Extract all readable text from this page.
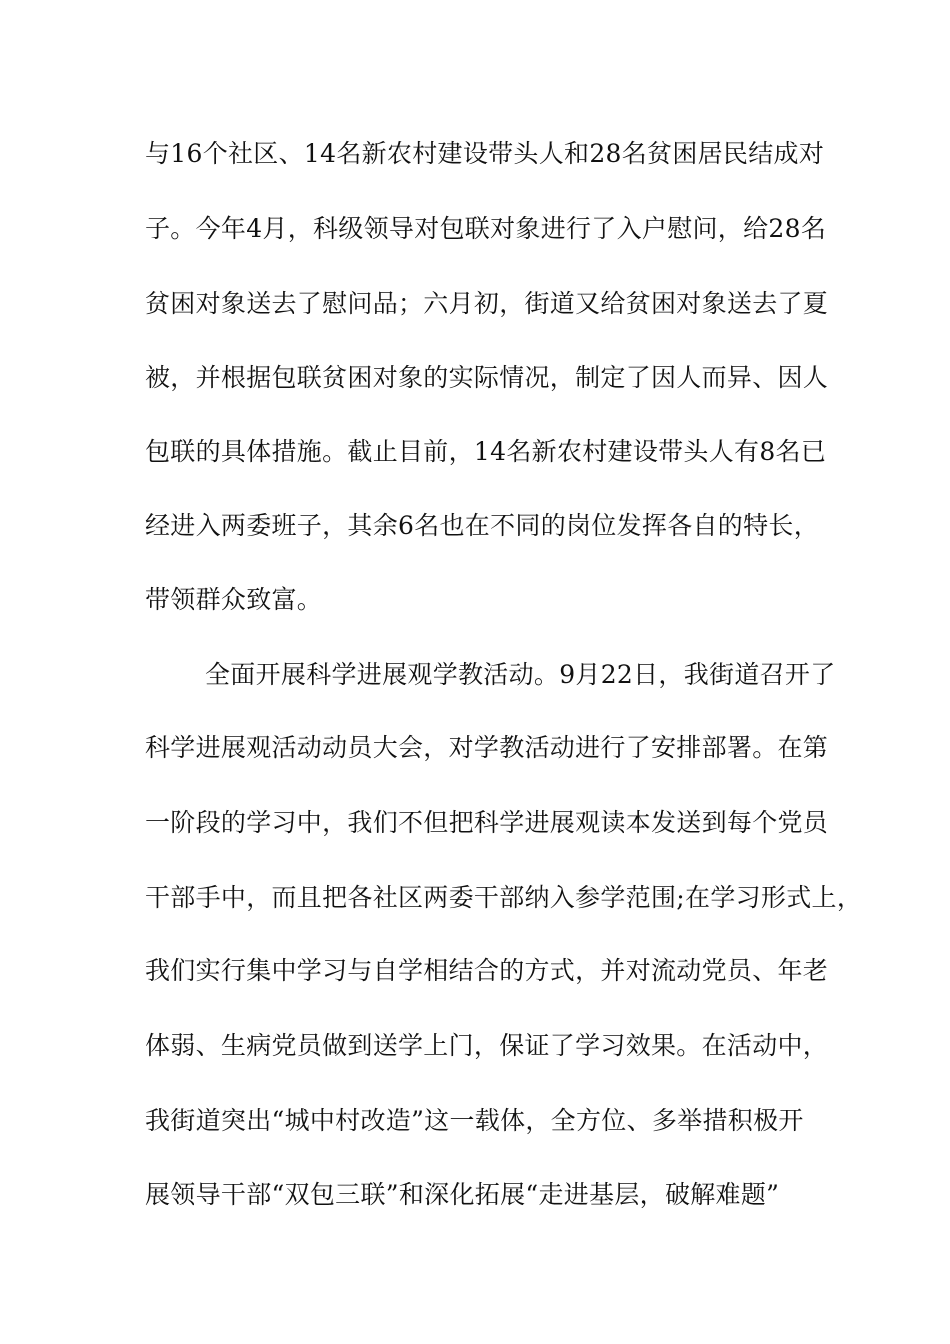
与16个社区、14名新农村建设带头人和28名贫困居民结成对
子。今年4月，科级领导对包联对象进行了入户慰问，给28名
贫困对象送去了慰问品；六月初，街道又给贫困对象送去了夏
被，并根据包联贫困对象的实际情况，制定了因人而异、因人
包联的具体措施。截止目前，14名新农村建设带头人有8名已
经进入两委班子，其余6名也在不同的岗位发挥各自的特长，
带领群众致富。
全面开展科学进展观学教活动。9月22日，我街道召开了
科学进展观活动动员大会，对学教活动进行了安排部署。在第
一阶段的学习中，我们不但把科学进展观读本发送到每个党员
干部手中，而且把各社区两委干部纳入参学范围;在学习形式上，
我们实行集中学习与自学相结合的方式，并对流动党员、年老
体弱、生病党员做到送学上门，保证了学习效果。在活动中，
我街道突出“城中村改造”这一载体，全方位、多举措积极开
展领导干部“双包三联”和深化拓展“走进基层，破解难题”
